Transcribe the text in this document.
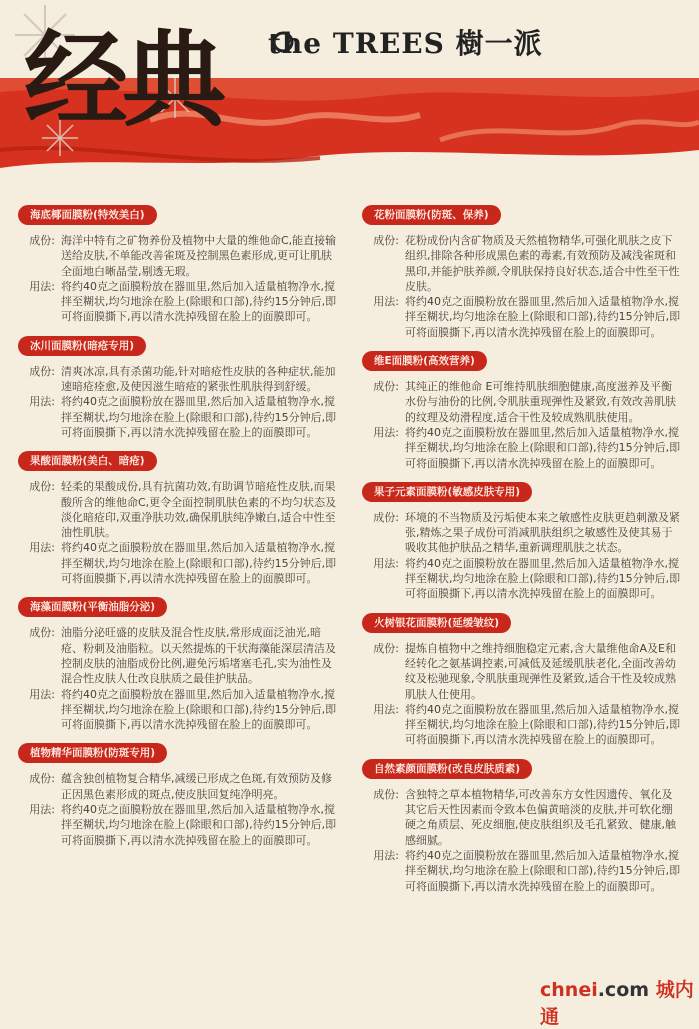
经典 the TREES 樹一派
海底椰面膜粉(特效美白)
成份: 海洋中特有之矿物养份及植物中大量的维他命C,能直接输送给皮肤,不单能改善雀斑及控制黑色素形成,更可让肌肤全面地白晰晶莹,剔透无瑕。
用法: 将约40克之面膜粉放在器皿里,然后加入适量植物净水,搅拌至糊状,均匀地涂在脸上(除眼和口部),待约15分钟后,即可将面膜撕下,再以清水洗掉残留在脸上的面膜即可。
冰川面膜粉(暗疮专用)
成份: 清爽冰凉,具有杀菌功能,针对暗疮性皮肤的各种症状,能加速暗疮痊愈,及使因滋生暗疮的紧张性肌肤得到舒缓。
用法: 将约40克之面膜粉放在器皿里,然后加入适量植物净水,搅拌至糊状,均匀地涂在脸上(除眼和口部),待约15分钟后,即可将面膜撕下,再以清水洗掉残留在脸上的面膜即可。
果酸面膜粉(美白、暗疮)
成份: 轻柔的果酸成份,具有抗菌功效,有助调节暗疮性皮肤,而果酸所含的维他命C,更令全面控制肌肤色素的不均匀状态及淡化暗疮印,双重净肤功效,确保肌肤纯净嫩白,适合中性至油性肌肤。
用法: 将约40克之面膜粉放在器皿里,然后加入适量植物净水,搅拌至糊状,均匀地涂在脸上(除眼和口部),待约15分钟后,即可将面膜撕下,再以清水洗掉残留在脸上的面膜即可。
海藻面膜粉(平衡油脂分泌)
成份: 油脂分泌旺盛的皮肤及混合性皮肤,常形成面泛油光,暗疮、粉刺及油脂粒。以天然提炼的干状海藻能深层清洁及控制皮肤的油脂成份比例,避免污垢堵塞毛孔,实为油性及混合性皮肤人仕改良肤质之最佳护肤品。
用法: 将约40克之面膜粉放在器皿里,然后加入适量植物净水,搅拌至糊状,均匀地涂在脸上(除眼和口部),待约15分钟后,即可将面膜撕下,再以清水洗掉残留在脸上的面膜即可。
植物精华面膜粉(防斑专用)
成份: 蕴含独创植物复合精华,减缓已形成之色斑,有效预防及修正因黑色素形成的斑点,使皮肤回复纯净明亮。
用法: 将约40克之面膜粉放在器皿里,然后加入适量植物净水,搅拌至糊状,均匀地涂在脸上(除眼和口部),待约15分钟后,即可将面膜撕下,再以清水洗掉残留在脸上的面膜即可。
花粉面膜粉(防斑、保养)
成份: 花粉成份内含矿物质及天然植物精华,可强化肌肤之皮下组织,排除各种形成黑色素的毒素,有效预防及减浅雀斑和黑印,并能护肤养颜,令肌肤保持良好状态,适合中性至干性皮肤。
用法: 将约40克之面膜粉放在器皿里,然后加入适量植物净水,搅拌至糊状,均匀地涂在脸上(除眼和口部),待约15分钟后,即可将面膜撕下,再以清水洗掉残留在脸上的面膜即可。
维E面膜粉(高效营养)
成份: 其纯正的维他命 E可维持肌肤细胞健康,高度滋养及平衡水份与油份的比例,令肌肤重现弹性及紧致,有效改善肌肤的纹理及幼滑程度,适合干性及较成熟肌肤使用。
用法: 将约40克之面膜粉放在器皿里,然后加入适量植物净水,搅拌至糊状,均匀地涂在脸上(除眼和口部),待约15分钟后,即可将面膜撕下,再以清水洗掉残留在脸上的面膜即可。
果子元素面膜粉(敏感皮肤专用)
成份: 环境的不当物质及污垢使本来之敏感性皮肤更趋刺激及紧张,精炼之果子成份可消减肌肤组织之敏感性及使其易于吸收其他护肤品之精华,重新调理肌肤之状态。
用法: 将约40克之面膜粉放在器皿里,然后加入适量植物净水,搅拌至糊状,均匀地涂在脸上(除眼和口部),待约15分钟后,即可将面膜撕下,再以清水洗掉残留在脸上的面膜即可。
火树银花面膜粉(延缓皱纹)
成份: 提炼自植物中之维持细胞稳定元素,含大量维他命A及E和经转化之氨基调控素,可减低及延缓肌肤老化,全面改善幼纹及松驰现象,令肌肤重现弹性及紧致,适合干性及较成熟肌肤人仕使用。
用法: 将约40克之面膜粉放在器皿里,然后加入适量植物净水,搅拌至糊状,均匀地涂在脸上(除眼和口部),待约15分钟后,即可将面膜撕下,再以清水洗掉残留在脸上的面膜即可。
自然素颜面膜粉(改良皮肤质素)
成份: 含独特之草本植物精华,可改善东方女性因遗传、氧化及其它后天性因素而令致本色偏黄暗淡的皮肤,并可软化绷硬之角质层、死皮细胞,使皮肤组织及毛孔紧致、健康,触感细腻。
用法: 将约40克之面膜粉放在器皿里,然后加入适量植物净水,搅拌至糊状,均匀地涂在脸上(除眼和口部),待约15分钟后,即可将面膜撕下,再以清水洗掉残留在脸上的面膜即可。
chnei.com 城内通
